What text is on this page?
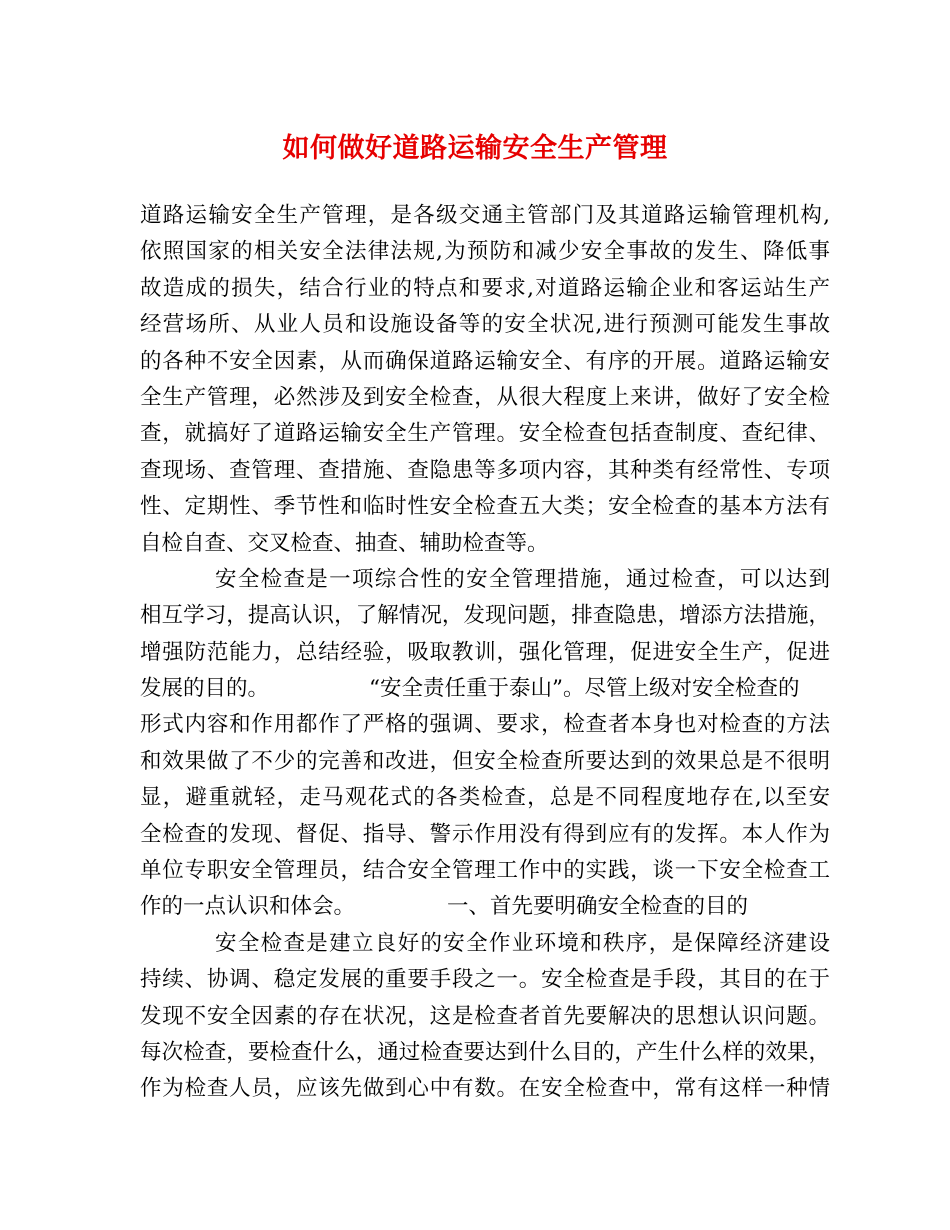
如何做好道路运输安全生产管理
道路运输安全生产管理，是各级交通主管部门及其道路运输管理机构,
依照国家的相关安全法律法规,为预防和减少安全事故的发生、降低事
故造成的损失，结合行业的特点和要求,对道路运输企业和客运站生产
经营场所、从业人员和设施设备等的安全状况,进行预测可能发生事故
的各种不安全因素，从而确保道路运输安全、有序的开展。道路运输安
全生产管理，必然涉及到安全检查，从很大程度上来讲，做好了安全检
查，就搞好了道路运输安全生产管理。安全检查包括查制度、查纪律、
查现场、查管理、查措施、查隐患等多项内容，其种类有经常性、专项
性、定期性、季节性和临时性安全检查五大类；安全检查的基本方法有
自检自查、交叉检查、抽查、辅助检查等。
安全检查是一项综合性的安全管理措施，通过检查，可以达到
相互学习，提高认识，了解情况，发现问题，排查隐患，增添方法措施，
增强防范能力，总结经验，吸取教训，强化管理，促进安全生产，促进
发展的目的。	“安全责任重于泰山”。尽管上级对安全检查的
形式内容和作用都作了严格的强调、要求，检查者本身也对检查的方法
和效果做了不少的完善和改进，但安全检查所要达到的效果总是不很明
显，避重就轻，走马观花式的各类检查，总是不同程度地存在,以至安
全检查的发现、督促、指导、警示作用没有得到应有的发挥。本人作为
单位专职安全管理员，结合安全管理工作中的实践，谈一下安全检查工
作的一点认识和体会。	一、首先要明确安全检查的目的
安全检查是建立良好的安全作业环境和秩序，是保障经济建设
持续、协调、稳定发展的重要手段之一。安全检查是手段，其目的在于
发现不安全因素的存在状况，这是检查者首先要解决的思想认识问题。
每次检查，要检查什么，通过检查要达到什么目的，产生什么样的效果，
作为检查人员，应该先做到心中有数。在安全检查中，常有这样一种情
